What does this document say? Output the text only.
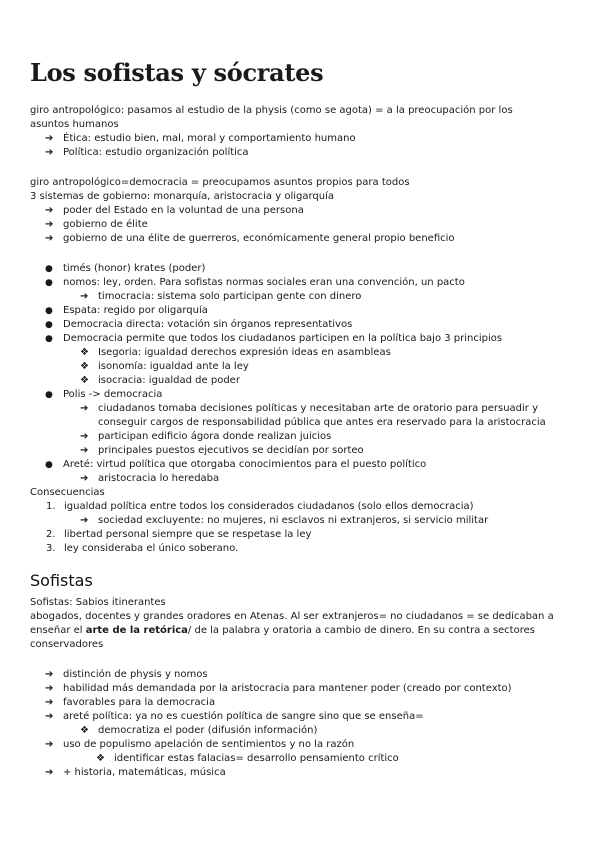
Los sofistas y sócrates

giro antropológico: pasamos al estudio de la physis (como se agota) = a la preocupación por los asuntos humanos

➔ Ética: estudio bien, mal, moral y comportamiento humano
➔ Política: estudio organización política

giro antropológico=democracia = preocupamos asuntos propios para todos

3 sistemas de gobierno: monarquía, aristocracia y oligarquía

➔ poder del Estado en la voluntad de una persona
➔ gobierno de élite
➔ gobierno de una élite de guerreros, económicamente general propio beneficio
●	timés (honor) krates (poder)
●	nomos: ley, orden. Para sofistas normas sociales eran una convención, un pacto
➔ timocracia: sistema solo participan gente con dinero
●	Espata: regido por oligarquía
●	Democracia directa: votación sin órganos representativos
●	Democracia permite que todos los ciudadanos participen en la política bajo 3 principios
❖ Isegoria: igualdad derechos expresión ideas en asambleas
❖ isonomía: igualdad ante la ley
❖ isocracia: igualdad de poder
●	Polis -> democracia
➔ ciudadanos tomaba decisiones políticas y necesitaban arte de oratorio para persuadir y conseguir cargos de responsabilidad pública que antes era reservado para la aristocracia
➔ participan edificio ágora donde realizan juicios
➔ principales puestos ejecutivos se decidían por sorteo
●	Areté: virtud política que otorgaba conocimientos para el puesto político
➔ aristocracia lo heredaba

Consecuencias

1. igualdad política entre todos los considerados ciudadanos (solo ellos democracia)
➔ sociedad excluyente: no mujeres, ni esclavos ni extranjeros, si servicio militar
2. libertad personal siempre que se respetase la ley
3. ley consideraba el único soberano.
Sofistas

Sofistas: Sabios itinerantes

abogados, docentes y grandes oradores en Atenas. Al ser extranjeros= no ciudadanos = se dedicaban a enseñar el arte de la retórica/ de la palabra y oratoria a cambio de dinero. En su contra a sectores conservadores

➔ distinción de physis y nomos
➔ habilidad más demandada por la aristocracia para mantener poder (creado por contexto)
➔ favorables para la democracia
➔ areté política: ya no es cuestión política de sangre sino que se enseña=
❖ democratiza el poder (difusión información)
➔ uso de populismo apelación de sentimientos y no la razón
❖ identificar estas falacias= desarrollo pensamiento crítico
➔ + historia, matemáticas, música
